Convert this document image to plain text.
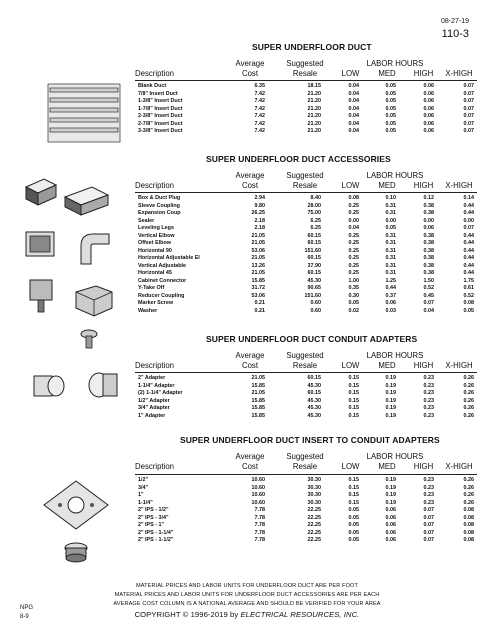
08-27-19
110-3
SUPER UNDERFLOOR DUCT
Average	Suggested	LABOR HOURS
Description	Cost	Resale	LOW	MED	HIGH	X-HIGH
Blank Duct	6.35	18.15	0.04	0.05	0.06	0.07
7/8" Insert Duct	7.42	21.20	0.04	0.05	0.06	0.07
1-3/8" Insert Duct	7.42	21.20	0.04	0.05	0.06	0.07
1-7/8" Insert Duct	7.42	21.20	0.04	0.05	0.06	0.07
2-3/8" Insert Duct	7.42	21.20	0.04	0.05	0.06	0.07
2-7/8" Insert Duct	7.42	21.20	0.04	0.05	0.06	0.07
3-3/8" Insert Duct	7.42	21.20	0.04	0.05	0.06	0.07
SUPER UNDERFLOOR DUCT ACCESSORIES
Average	Suggested	LABOR HOURS
Description	Cost	Resale	LOW	MED	HIGH	X-HIGH
Box & Duct Plug	2.94	8.40	0.08	0.10	0.12	0.14
Sleeve Coupling	9.80	28.00	0.25	0.31	0.38	0.44
Expansion Coup	26.25	75.00	0.25	0.31	0.38	0.44
Sealer	2.18	6.25	0.00	0.00	0.00	0.00
Leveling Legs	2.18	6.25	0.04	0.05	0.06	0.07
Vertical Elbow	21.05	60.15	0.25	0.31	0.38	0.44
Offset Elbow	21.05	60.15	0.25	0.31	0.38	0.44
Horizontal 90	53.06	151.60	0.25	0.31	0.38	0.44
Horizontal Adjustable El	21.05	60.15	0.25	0.31	0.38	0.44
Vertical Adjustable	13.26	37.90	0.25	0.31	0.38	0.44
Horizontal 45	21.05	60.15	0.25	0.31	0.38	0.44
Cabinet Connector	15.85	45.30	1.00	1.25	1.50	1.75
Y-Take Off	31.72	90.65	0.35	0.44	0.52	0.61
Reducer Coupling	53.06	151.60	0.30	0.37	0.45	0.52
Marker Screw	0.21	0.60	0.05	0.06	0.07	0.08
Washer	0.21	0.60	0.02	0.03	0.04	0.05
SUPER UNDERFLOOR DUCT CONDUIT ADAPTERS
Average	Suggested	LABOR HOURS
Description	Cost	Resale	LOW	MED	HIGH	X-HIGH
2" Adapter	21.05	60.15	0.15	0.19	0.23	0.26
1-1/4" Adapter	15.85	45.30	0.15	0.19	0.23	0.26
(2) 1-1/4" Adapter	21.05	60.15	0.15	0.19	0.23	0.26
1/2" Adapter	15.85	45.30	0.15	0.19	0.23	0.26
3/4" Adapter	15.85	45.30	0.15	0.19	0.23	0.26
1" Adapter	15.85	45.30	0.15	0.19	0.23	0.26
SUPER UNDERFLOOR DUCT INSERT TO CONDUIT ADAPTERS
Average	Suggested	LABOR HOURS
Description	Cost	Resale	LOW	MED	HIGH	X-HIGH
1/2"	10.60	30.30	0.15	0.19	0.23	0.26
3/4"	10.60	30.30	0.15	0.19	0.23	0.26
1"	10.60	30.30	0.15	0.19	0.23	0.26
1-1/4"	10.60	30.30	0.15	0.19	0.23	0.26
2" IPS - 1/2"	7.78	22.25	0.05	0.06	0.07	0.08
2" IPS - 3/4"	7.78	22.25	0.05	0.06	0.07	0.08
2" IPS - 1"	7.78	22.25	0.05	0.06	0.07	0.08
2" IPS - 1-1/4"	7.78	22.25	0.05	0.06	0.07	0.08
2" IPS - 1-1/2"	7.78	22.25	0.05	0.06	0.07	0.08
MATERIAL PRICES AND LABOR UNITS FOR UNDERFLOOR DUCT ARE PER FOOT
MATERIAL PRICES AND LABOR UNITS FOR UNDERFLOOR DUCT ACCESSORIES ARE PER EACH
AVERAGE COST COLUMN IS A NATIONAL AVERAGE AND SHOULD BE VERIFIED FOR YOUR AREA
COPYRIGHT © 1996-2019 by ELECTRICAL RESOURCES, INC.
NPG
8-9
